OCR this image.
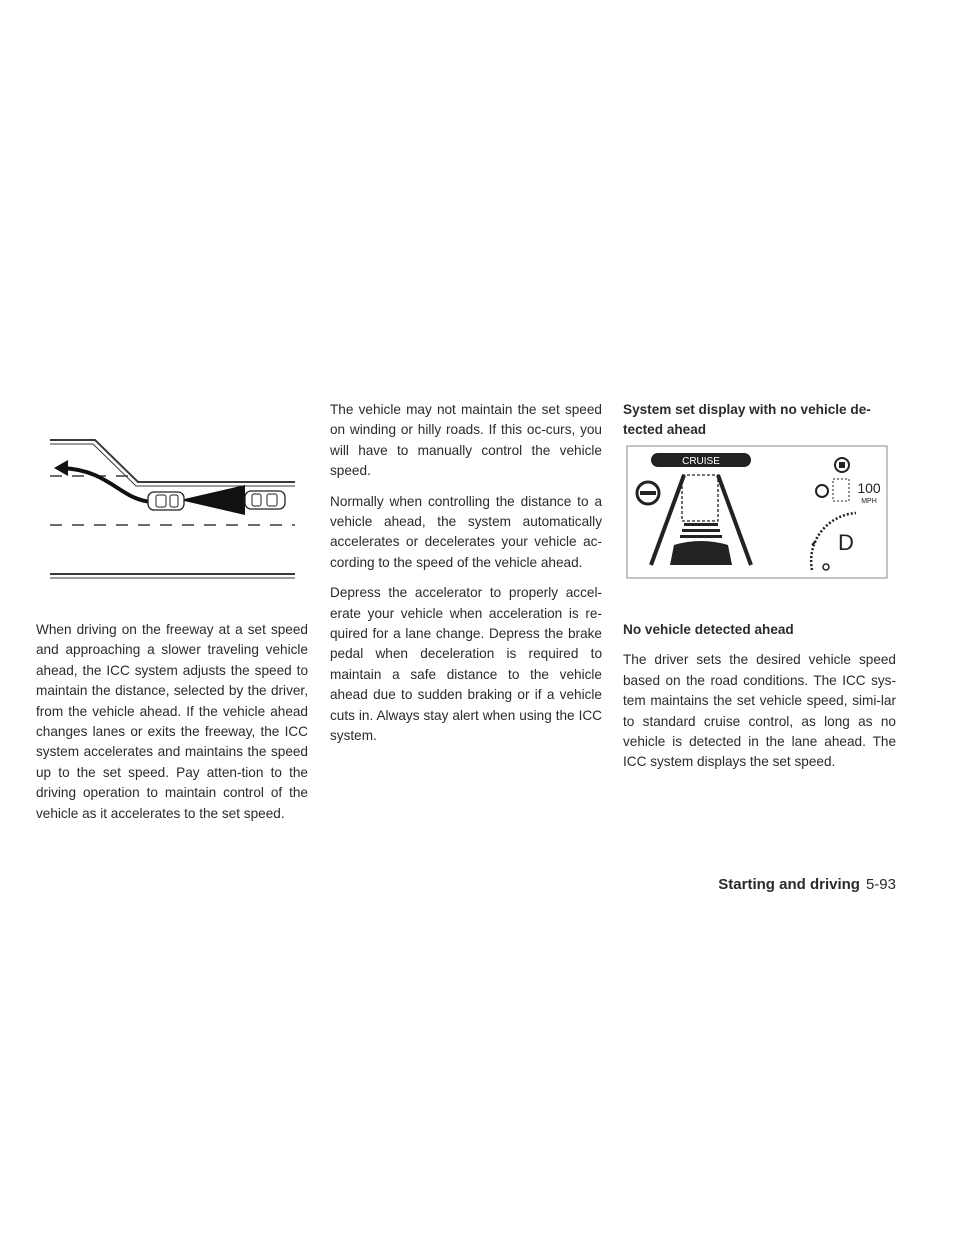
When driving on the freeway at a set speed and approaching a slower traveling vehicle ahead, the ICC system adjusts the speed to maintain the distance, selected by the driver, from the vehicle ahead. If the vehicle ahead changes lanes or exits the freeway, the ICC system accelerates and maintains the speed up to the set speed. Pay atten-tion to the driving operation to maintain control of the vehicle as it accelerates to the set speed.

The vehicle may not maintain the set speed on winding or hilly roads. If this oc-curs, you will have to manually control the vehicle speed.

Normally when controlling the distance to a vehicle ahead, the system automatically accelerates or decelerates your vehicle ac-cording to the speed of the vehicle ahead.

Depress the accelerator to properly accel-erate your vehicle when acceleration is re-quired for a lane change. Depress the brake pedal when deceleration is required to maintain a safe distance to the vehicle ahead due to sudden braking or if a vehicle cuts in. Always stay alert when using the ICC system.

System set display with no vehicle de-tected ahead
CRUISE
100
MPH
D
No vehicle detected ahead

The driver sets the desired vehicle speed based on the road conditions. The ICC sys-tem maintains the set vehicle speed, simi-lar to standard cruise control, as long as no vehicle is detected in the lane ahead. The ICC system displays the set speed.

Starting and driving 5-93
